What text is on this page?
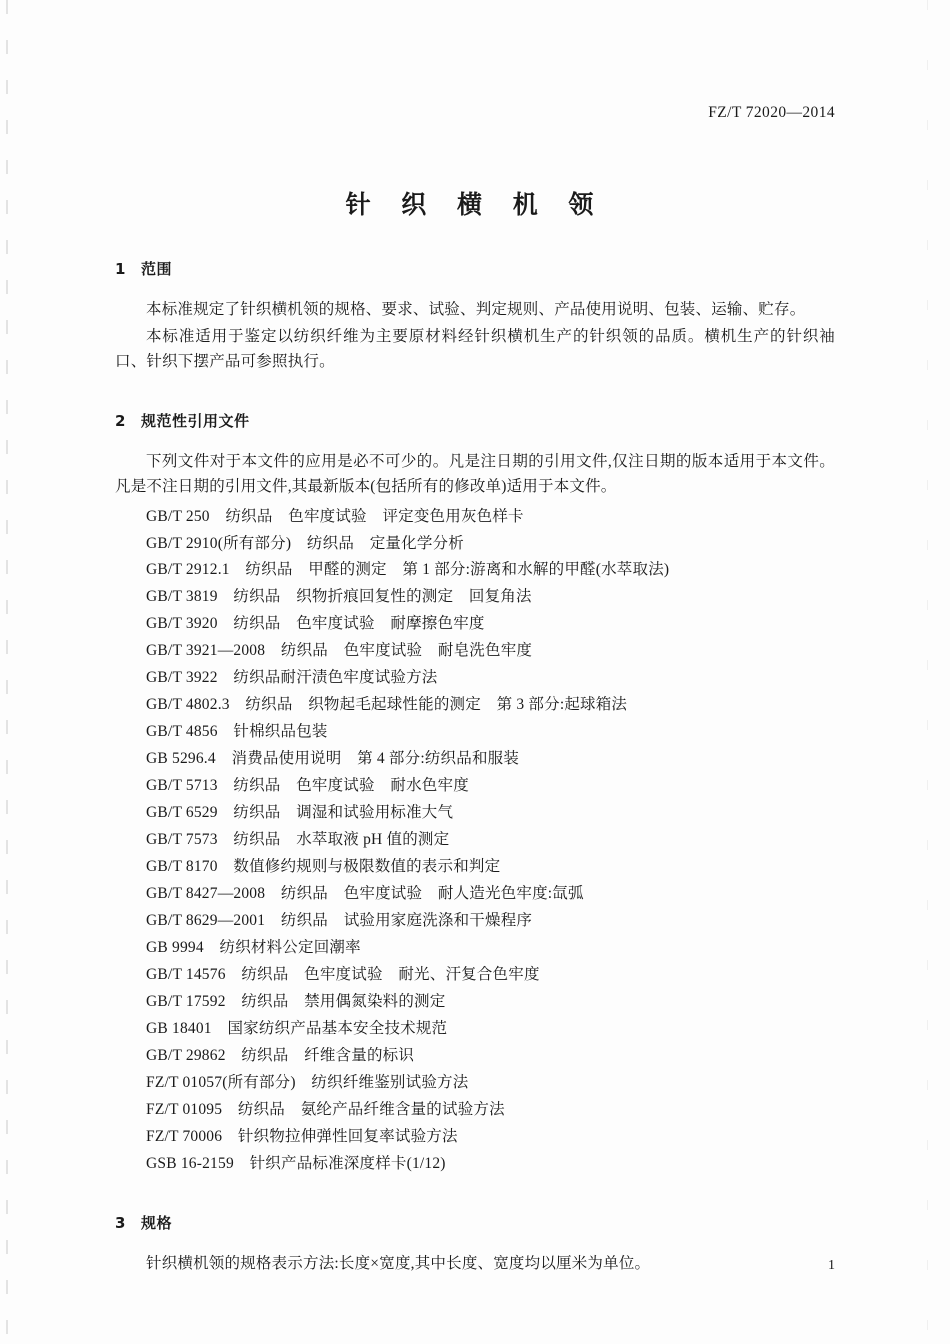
FZ/T 72020—2014
针 织 横 机 领
1 范围

本标准规定了针织横机领的规格、要求、试验、判定规则、产品使用说明、包装、运输、贮存。

本标准适用于鉴定以纺织纤维为主要原材料经针织横机生产的针织领的品质。横机生产的针织袖口、针织下摆产品可参照执行。

2 规范性引用文件

下列文件对于本文件的应用是必不可少的。凡是注日期的引用文件,仅注日期的版本适用于本文件。凡是不注日期的引用文件,其最新版本(包括所有的修改单)适用于本文件。

GB/T 250　纺织品　色牢度试验　评定变色用灰色样卡
GB/T 2910(所有部分)　纺织品　定量化学分析
GB/T 2912.1　纺织品　甲醛的测定　第 1 部分:游离和水解的甲醛(水萃取法)
GB/T 3819　纺织品　织物折痕回复性的测定　回复角法
GB/T 3920　纺织品　色牢度试验　耐摩擦色牢度
GB/T 3921—2008　纺织品　色牢度试验　耐皂洗色牢度
GB/T 3922　纺织品耐汗渍色牢度试验方法
GB/T 4802.3　纺织品　织物起毛起球性能的测定　第 3 部分:起球箱法
GB/T 4856　针棉织品包装
GB 5296.4　消费品使用说明　第 4 部分:纺织品和服装
GB/T 5713　纺织品　色牢度试验　耐水色牢度
GB/T 6529　纺织品　调湿和试验用标准大气
GB/T 7573　纺织品　水萃取液 pH 值的测定
GB/T 8170　数值修约规则与极限数值的表示和判定
GB/T 8427—2008　纺织品　色牢度试验　耐人造光色牢度:氙弧
GB/T 8629—2001　纺织品　试验用家庭洗涤和干燥程序
GB 9994　纺织材料公定回潮率
GB/T 14576　纺织品　色牢度试验　耐光、汗复合色牢度
GB/T 17592　纺织品　禁用偶氮染料的测定
GB 18401　国家纺织产品基本安全技术规范
GB/T 29862　纺织品　纤维含量的标识
FZ/T 01057(所有部分)　纺织纤维鉴别试验方法
FZ/T 01095　纺织品　氨纶产品纤维含量的试验方法
FZ/T 70006　针织物拉伸弹性回复率试验方法
GSB 16-2159　针织产品标准深度样卡(1/12)
3 规格

针织横机领的规格表示方法:长度×宽度,其中长度、宽度均以厘米为单位。	1
